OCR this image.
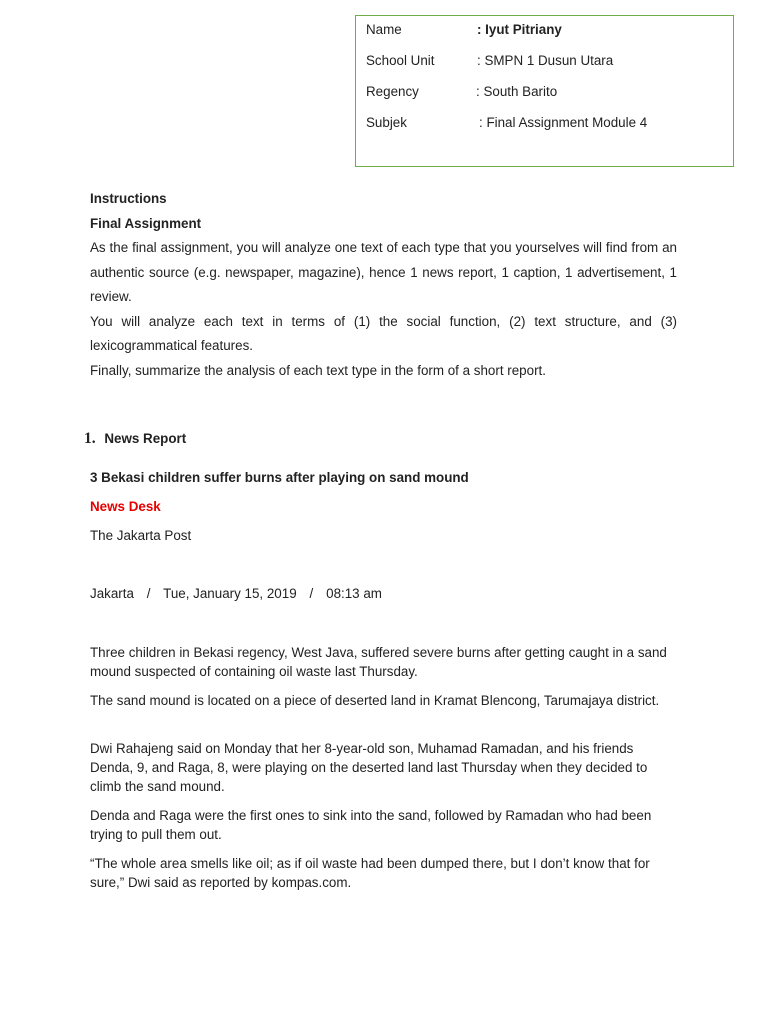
Name	: Iyut Pitriany
School Unit	: SMPN 1 Dusun Utara
Regency	: South Barito
Subjek	: Final Assignment Module 4
Instructions
Final Assignment
As the final assignment, you will analyze one text of each type that you yourselves will find from an authentic source (e.g. newspaper, magazine), hence 1 news report, 1 caption, 1 advertisement, 1 review.
You will analyze each text in terms of (1) the social function, (2) text structure, and (3) lexicogrammatical features.
Finally, summarize the analysis of each text type in the form of a short report.
1. News Report
3 Bekasi children suffer burns after playing on sand mound
News Desk
The Jakarta Post
Jakarta / Tue, January 15, 2019 / 08:13 am
Three children in Bekasi regency, West Java, suffered severe burns after getting caught in a sand mound suspected of containing oil waste last Thursday.
The sand mound is located on a piece of deserted land in Kramat Blencong, Tarumajaya district.
Dwi Rahajeng said on Monday that her 8-year-old son, Muhamad Ramadan, and his friends Denda, 9, and Raga, 8, were playing on the deserted land last Thursday when they decided to climb the sand mound.
Denda and Raga were the first ones to sink into the sand, followed by Ramadan who had been trying to pull them out.
“The whole area smells like oil; as if oil waste had been dumped there, but I don’t know that for sure,” Dwi said as reported by kompas.com.
